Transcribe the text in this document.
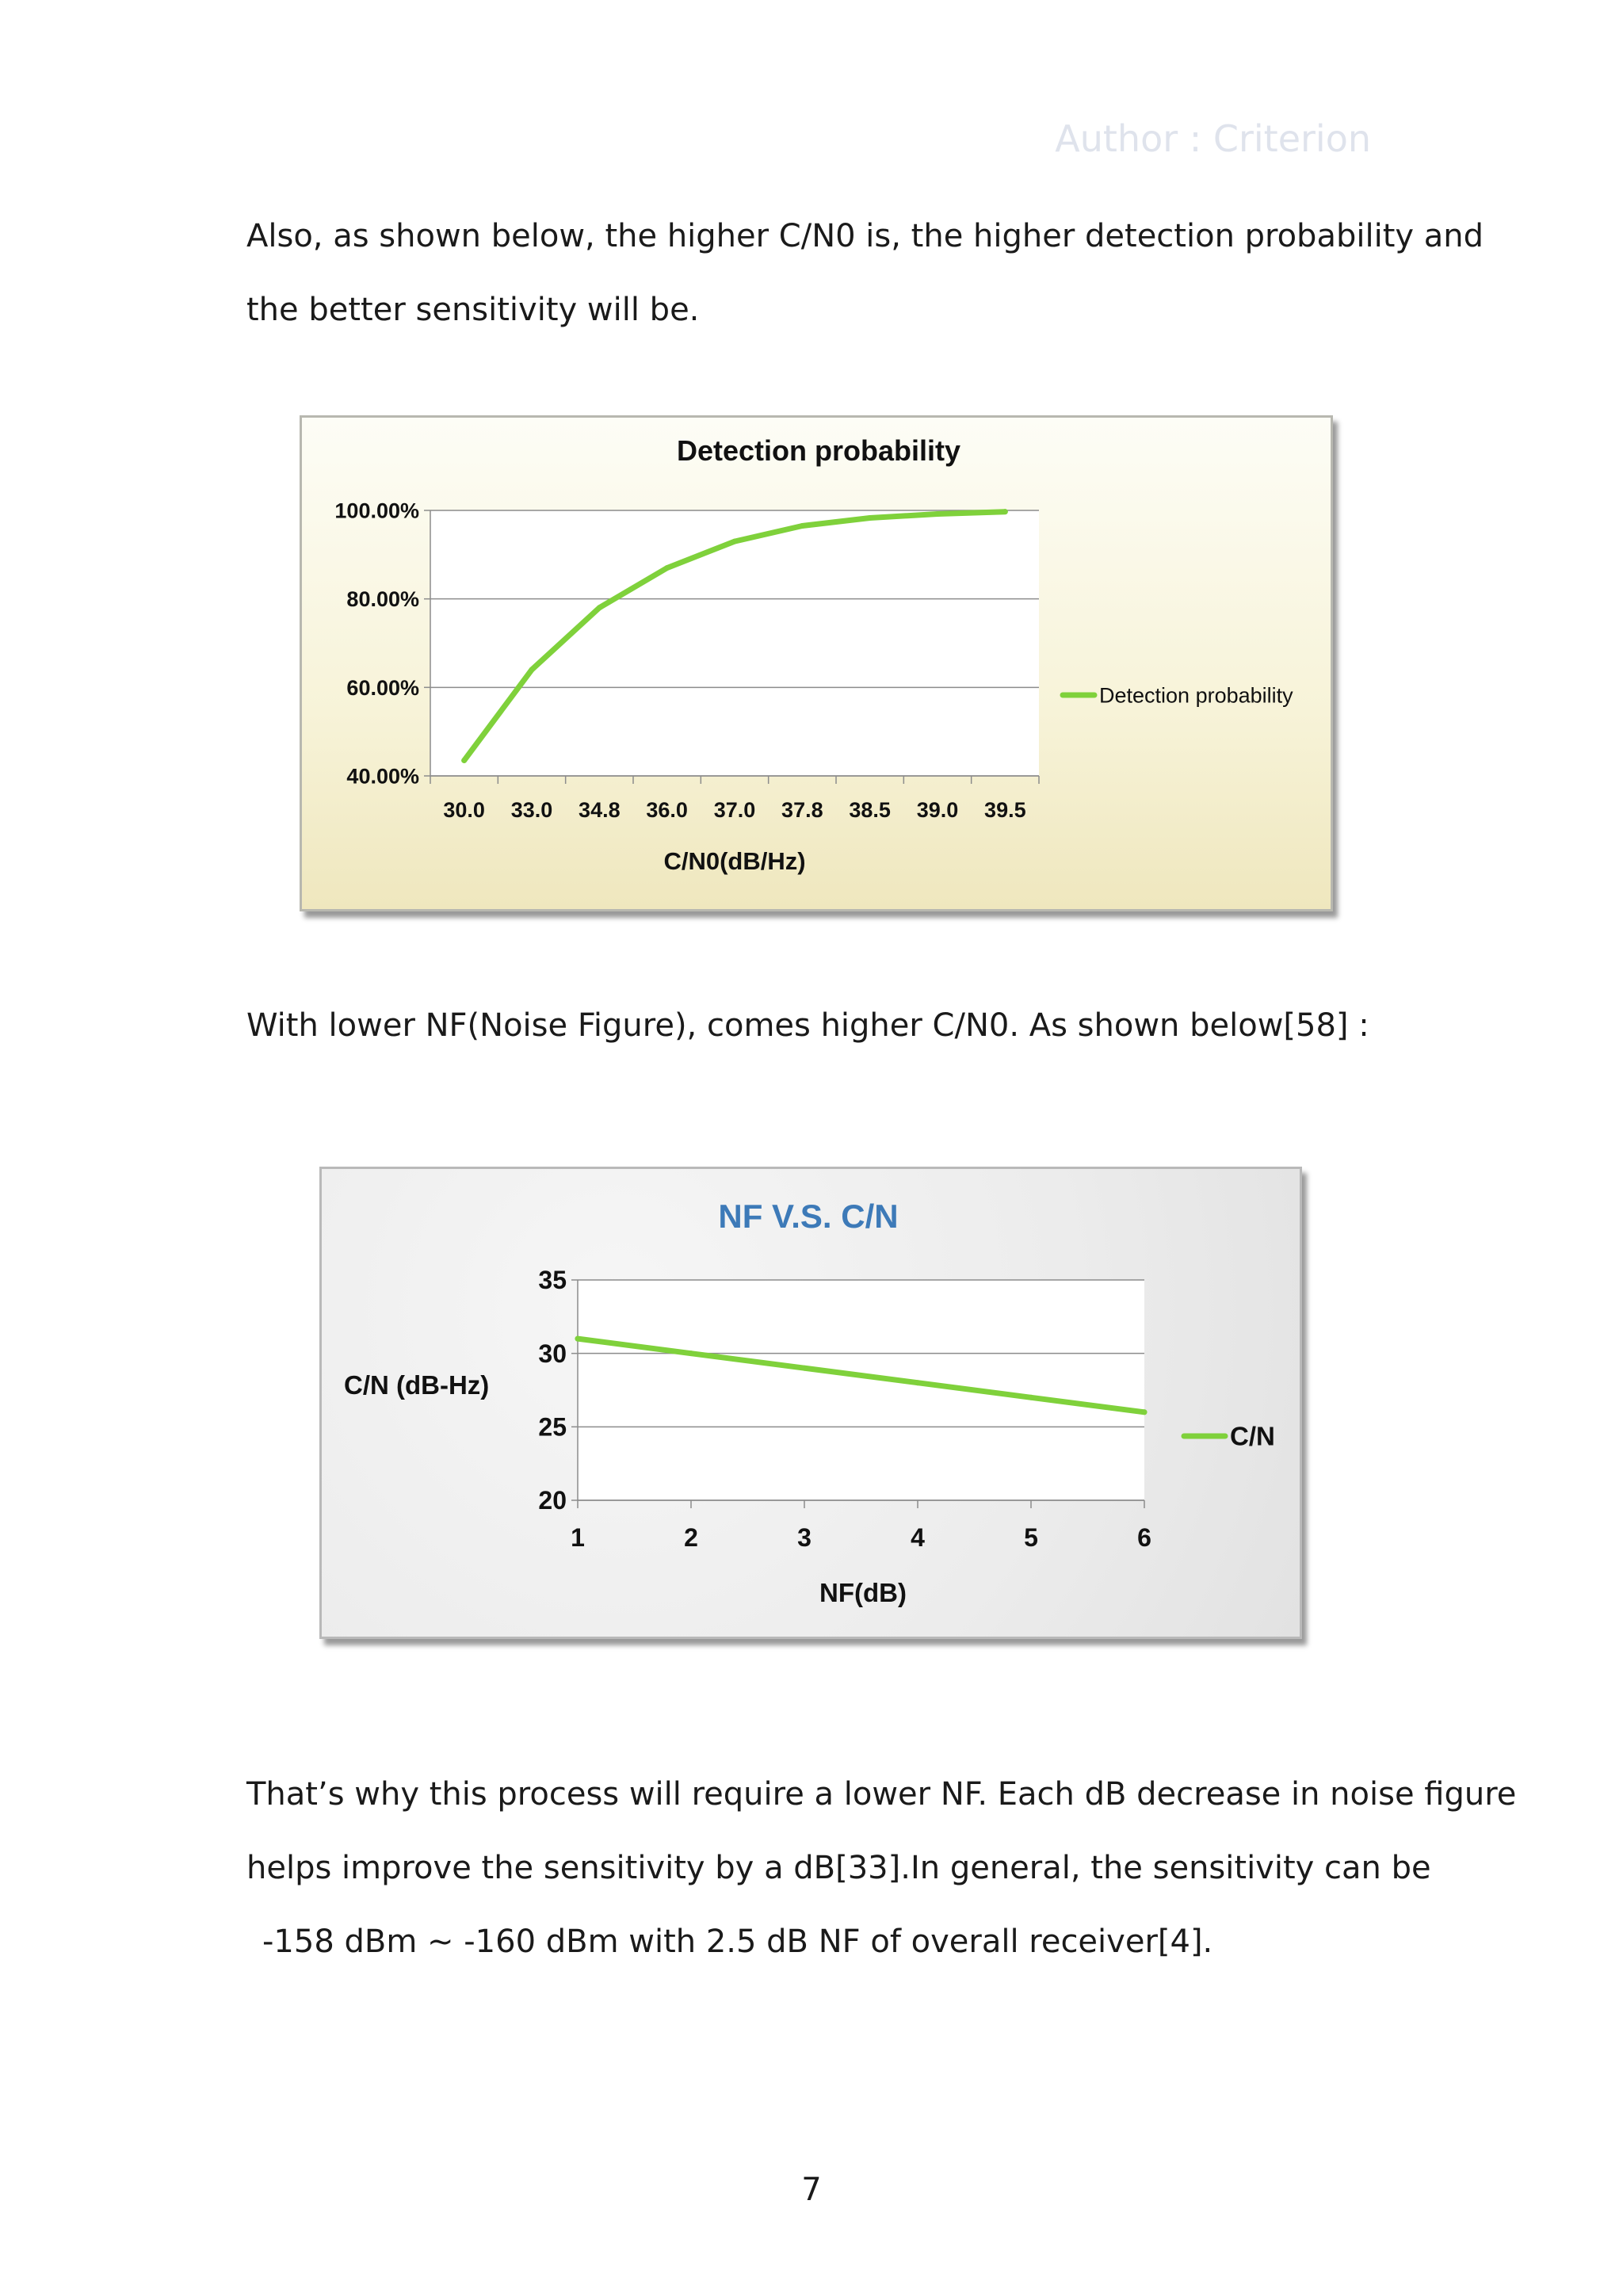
Author : Criterion
Also, as shown below, the higher C/N0 is, the higher detection probability and
the better sensitivity will be.
40.00%
60.00%
80.00%
100.00%
30.0 33.0 34.8 36.0 37.0 37.8 38.5 39.0 39.5
Detection probability
C/N0(dB/Hz)
Detection probability
With lower NF(Noise Figure), comes higher C/N0. As shown below[58] :
20
25
30
35
1	2	3	4	5	6
NF V.S. C/N
NF(dB)
C/N (dB-Hz)
C/N
That’s why this process will require a lower NF. Each dB decrease in noise figure
helps improve the sensitivity by a dB[33].In general, the sensitivity can be
-158 dBm ~ -160 dBm with 2.5 dB NF of overall receiver[4].
7
